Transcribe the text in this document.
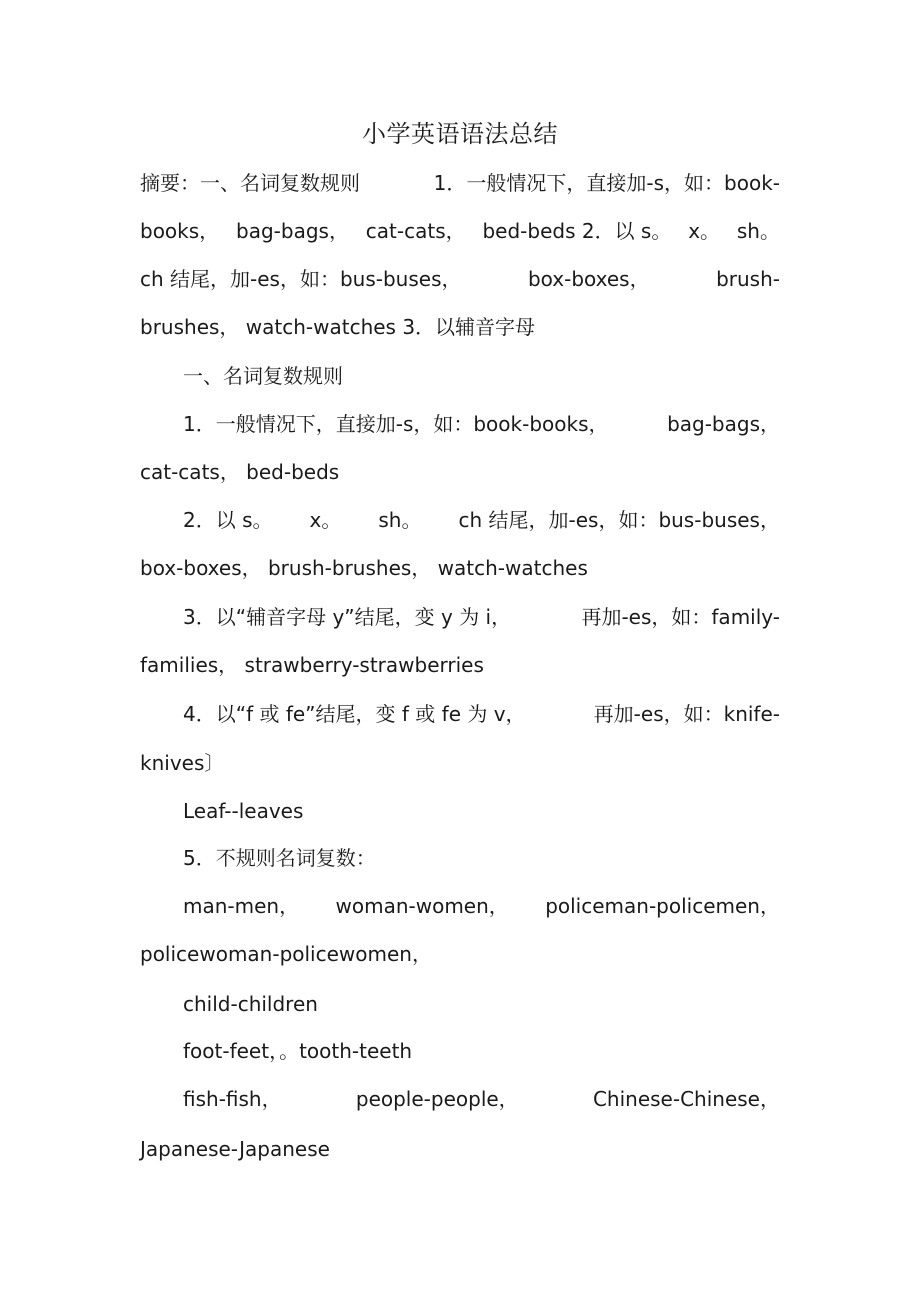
小学英语语法总结
摘要：一、名词复数规则	1．一般情况下，直接加-s，如：book-
books， bag-bags， cat-cats， bed-beds 2．以 s。 x。 sh。
ch 结尾，加-es，如：bus-buses，	box-boxes，	brush-
brushes， watch-watches 3．以辅音字母
一、名词复数规则
1．一般情况下，直接加-s，如：book-books，	bag-bags，
cat-cats， bed-beds
2．以 s。 x。 sh。 ch 结尾，加-es，如：bus-buses，
box-boxes， brush-brushes， watch-watches
3．以“辅音字母 y”结尾，变 y 为 i，	再加-es，如：family-
families， strawberry-strawberries
4．以“f 或 fe”结尾，变 f 或 fe 为 v，	再加-es，如：knife-
knives〕
Leaf--leaves
5．不规则名词复数：
man-men， woman-women， policeman-policemen，
policewoman-policewomen，
child-children
foot-feet，。tooth-teeth
fish-fish，	people-people，	Chinese-Chinese，
Japanese-Japanese
